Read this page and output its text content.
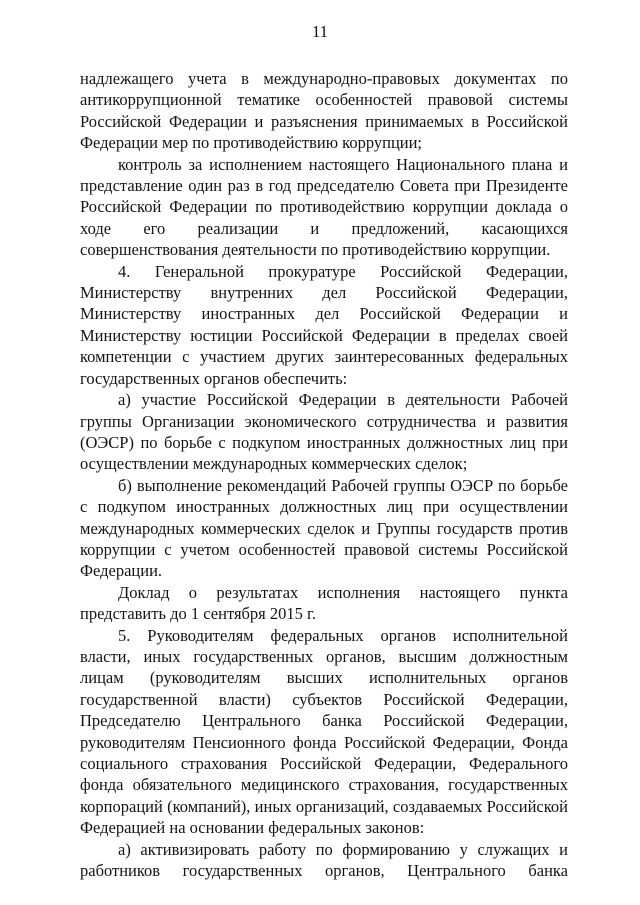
11

надлежащего учета в международно-правовых документах по антикоррупционной тематике особенностей правовой системы Российской Федерации и разъяснения принимаемых в Российской Федерации мер по противодействию коррупции;

контроль за исполнением настоящего Национального плана и представление один раз в год председателю Совета при Президенте Российской Федерации по противодействию коррупции доклада о ходе его реализации и предложений, касающихся совершенствования деятельности по противодействию коррупции.

4. Генеральной прокуратуре Российской Федерации, Министерству внутренних дел Российской Федерации, Министерству иностранных дел Российской Федерации и Министерству юстиции Российской Федерации в пределах своей компетенции с участием других заинтересованных федеральных государственных органов обеспечить:

а) участие Российской Федерации в деятельности Рабочей группы Организации экономического сотрудничества и развития (ОЭСР) по борьбе с подкупом иностранных должностных лиц при осуществлении международных коммерческих сделок;

б) выполнение рекомендаций Рабочей группы ОЭСР по борьбе с подкупом иностранных должностных лиц при осуществлении международных коммерческих сделок и Группы государств против коррупции с учетом особенностей правовой системы Российской Федерации.

Доклад о результатах исполнения настоящего пункта представить до 1 сентября 2015 г.

5. Руководителям федеральных органов исполнительной власти, иных государственных органов, высшим должностным лицам (руководителям высших исполнительных органов государственной власти) субъектов Российской Федерации, Председателю Центрального банка Российской Федерации, руководителям Пенсионного фонда Российской Федерации, Фонда социального страхования Российской Федерации, Федерального фонда обязательного медицинского страхования, государственных корпораций (компаний), иных организаций, создаваемых Российской Федерацией на основании федеральных законов:

а) активизировать работу по формированию у служащих и работников государственных органов, Центрального банка
